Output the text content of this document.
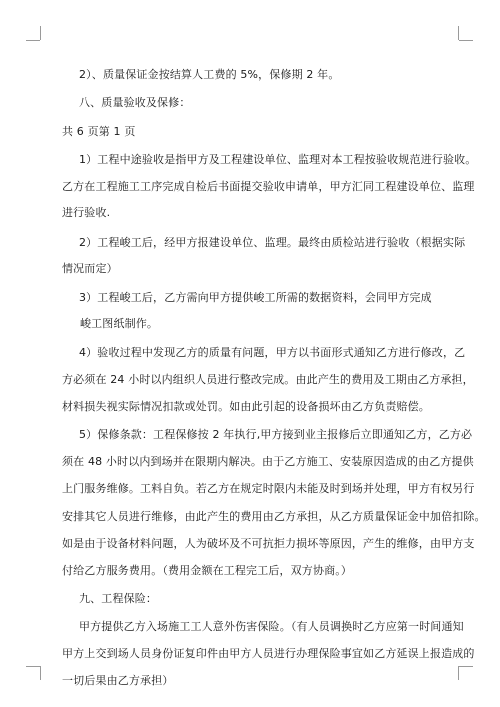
2）、质量保证金按结算人工费的 5%，保修期 2 年。
八、质量验收及保修：
共 6 页第 1 页
1）工程中途验收是指甲方及工程建设单位、监理对本工程按验收规范进行验收。
乙方在工程施工工序完成自检后书面提交验收申请单，甲方汇同工程建设单位、监理
进行验收.
2）工程峻工后，经甲方报建设单位、监理。最终由质检站进行验收（根据实际
情况而定）
3）工程峻工后，乙方需向甲方提供峻工所需的数据资料，会同甲方完成
峻工图纸制作。
4）验收过程中发现乙方的质量有问题，甲方以书面形式通知乙方进行修改，乙
方必须在 24 小时以内组织人员进行整改完成。由此产生的费用及工期由乙方承担，
材料损失视实际情况扣款或处罚。如由此引起的设备损坏由乙方负责赔偿。
5）保修条款：工程保修按 2 年执行,甲方接到业主报修后立即通知乙方，乙方必
须在 48 小时以内到场并在限期内解决。由于乙方施工、安装原因造成的由乙方提供
上门服务维修。工料自负。若乙方在规定时限内未能及时到场并处理，甲方有权另行
安排其它人员进行维修，由此产生的费用由乙方承担，从乙方质量保证金中加倍扣除。
如是由于设备材料问题，人为破坏及不可抗拒力损坏等原因，产生的维修，由甲方支
付给乙方服务费用。（费用金额在工程完工后，双方协商。）
九、工程保险：
甲方提供乙方入场施工工人意外伤害保险。（有人员调换时乙方应第一时间通知
甲方上交到场人员身份证复印件由甲方人员进行办理保险事宜如乙方延误上报造成的
一切后果由乙方承担）
